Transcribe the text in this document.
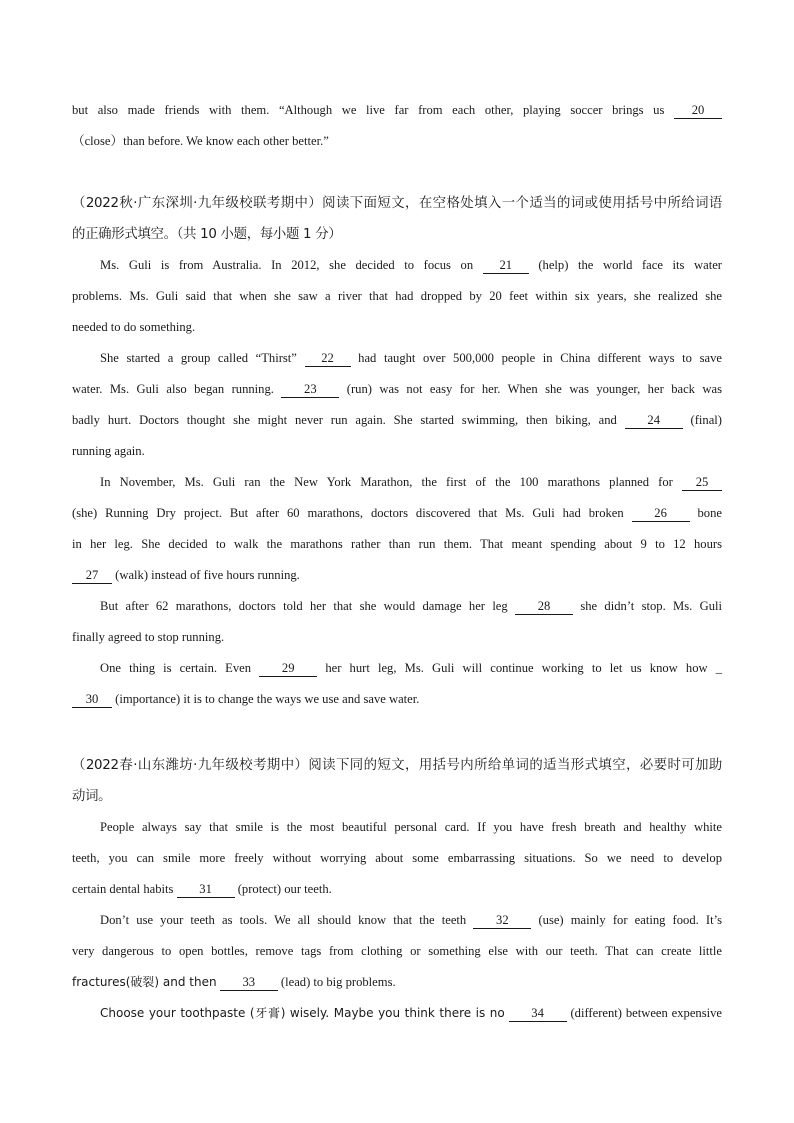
but also made friends with them. “Although we live far from each other, playing soccer brings us 20
（close）than before. We know each other better.”
（2022秋·广东深圳·九年级校联考期中）阅读下面短文，在空格处填入一个适当的词或使用括号中所给词语
的正确形式填空。（共 10 小题，每小题 1 分）
Ms. Guli is from Australia. In 2012, she decided to focus on 21 (help) the world face its water
problems. Ms. Guli said that when she saw a river that had dropped by 20 feet within six years, she realized she
needed to do something.
She started a group called “Thirst” 22 had taught over 500,000 people in China different ways to save
water. Ms. Guli also began running. 23 (run) was not easy for her. When she was younger, her back was
badly hurt. Doctors thought she might never run again. She started swimming, then biking, and 24 (final)
running again.
In November, Ms. Guli ran the New York Marathon, the first of the 100 marathons planned for 25
(she) Running Dry project. But after 60 marathons, doctors discovered that Ms. Guli had broken 26 bone
in her leg. She decided to walk the marathons rather than run them. That meant spending about 9 to 12 hours
27 (walk) instead of five hours running.
But after 62 marathons, doctors told her that she would damage her leg 28 she didn’t stop. Ms. Guli
finally agreed to stop running.
One thing is certain. Even 29 her hurt leg, Ms. Guli will continue working to let us know how _
30 (importance) it is to change the ways we use and save water.
（2022春·山东潍坊·九年级校考期中）阅读下同的短文，用括号内所给单词的适当形式填空，必要时可加助
动词。
People always say that smile is the most beautiful personal card. If you have fresh breath and healthy white
teeth, you can smile more freely without worrying about some embarrassing situations. So we need to develop
certain dental habits 31 (protect) our teeth.
Don’t use your teeth as tools. We all should know that the teeth 32 (use) mainly for eating food. It’s
very dangerous to open bottles, remove tags from clothing or something else with our teeth. That can create little
fractures(破裂) and then 33 (lead) to big problems.
Choose your toothpaste (牙膏) wisely. Maybe you think there is no 34 (different) between expensive
